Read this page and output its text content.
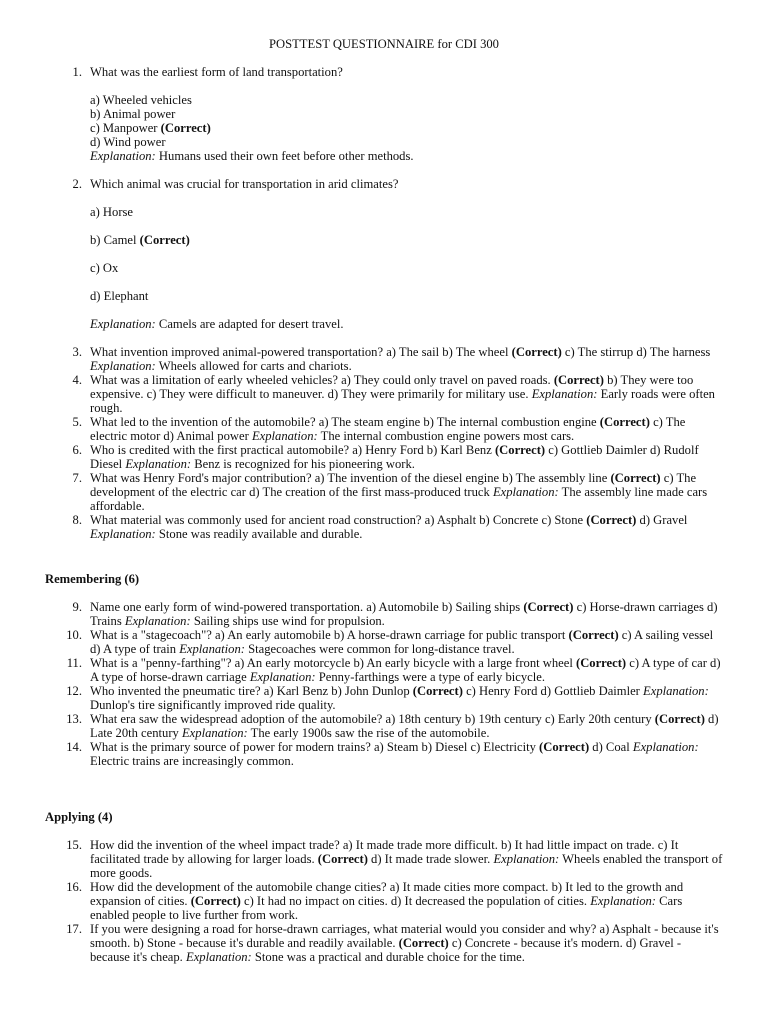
POSTTEST QUESTIONNAIRE for CDI 300
1. What was the earliest form of land transportation?
a) Wheeled vehicles
b) Animal power
c) Manpower (Correct)
d) Wind power
Explanation: Humans used their own feet before other methods.
2. Which animal was crucial for transportation in arid climates?
a) Horse
b) Camel (Correct)
c) Ox
d) Elephant
Explanation: Camels are adapted for desert travel.
3. What invention improved animal-powered transportation? a) The sail b) The wheel (Correct) c) The stirrup d) The harness Explanation: Wheels allowed for carts and chariots.
4. What was a limitation of early wheeled vehicles? a) They could only travel on paved roads. (Correct) b) They were too expensive. c) They were difficult to maneuver. d) They were primarily for military use. Explanation: Early roads were often rough.
5. What led to the invention of the automobile? a) The steam engine b) The internal combustion engine (Correct) c) The electric motor d) Animal power Explanation: The internal combustion engine powers most cars.
6. Who is credited with the first practical automobile? a) Henry Ford b) Karl Benz (Correct) c) Gottlieb Daimler d) Rudolf Diesel Explanation: Benz is recognized for his pioneering work.
7. What was Henry Ford's major contribution? a) The invention of the diesel engine b) The assembly line (Correct) c) The development of the electric car d) The creation of the first mass-produced truck Explanation: The assembly line made cars affordable.
8. What material was commonly used for ancient road construction? a) Asphalt b) Concrete c) Stone (Correct) d) Gravel Explanation: Stone was readily available and durable.
Remembering (6)
9. Name one early form of wind-powered transportation. a) Automobile b) Sailing ships (Correct) c) Horse-drawn carriages d) Trains Explanation: Sailing ships use wind for propulsion.
10. What is a "stagecoach"? a) An early automobile b) A horse-drawn carriage for public transport (Correct) c) A sailing vessel d) A type of train Explanation: Stagecoaches were common for long-distance travel.
11. What is a "penny-farthing"? a) An early motorcycle b) An early bicycle with a large front wheel (Correct) c) A type of car d) A type of horse-drawn carriage Explanation: Penny-farthings were a type of early bicycle.
12. Who invented the pneumatic tire? a) Karl Benz b) John Dunlop (Correct) c) Henry Ford d) Gottlieb Daimler Explanation: Dunlop's tire significantly improved ride quality.
13. What era saw the widespread adoption of the automobile? a) 18th century b) 19th century c) Early 20th century (Correct) d) Late 20th century Explanation: The early 1900s saw the rise of the automobile.
14. What is the primary source of power for modern trains? a) Steam b) Diesel c) Electricity (Correct) d) Coal Explanation: Electric trains are increasingly common.
Applying (4)
15. How did the invention of the wheel impact trade? a) It made trade more difficult. b) It had little impact on trade. c) It facilitated trade by allowing for larger loads. (Correct) d) It made trade slower. Explanation: Wheels enabled the transport of more goods.
16. How did the development of the automobile change cities? a) It made cities more compact. b) It led to the growth and expansion of cities. (Correct) c) It had no impact on cities. d) It decreased the population of cities. Explanation: Cars enabled people to live further from work.
17. If you were designing a road for horse-drawn carriages, what material would you consider and why? a) Asphalt - because it's smooth. b) Stone - because it's durable and readily available. (Correct) c) Concrete - because it's modern. d) Gravel - because it's cheap. Explanation: Stone was a practical and durable choice for the time.
